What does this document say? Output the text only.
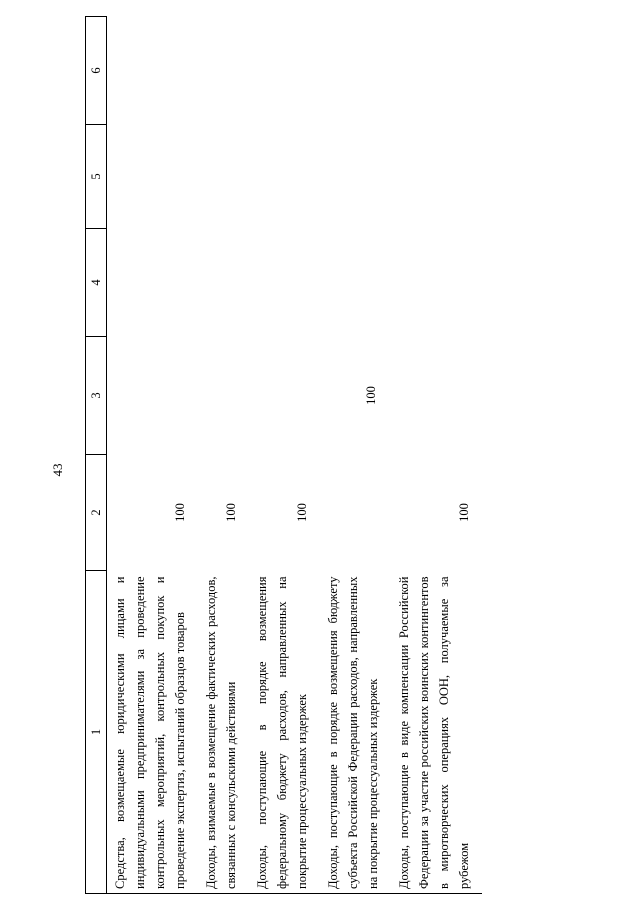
43
1	2	3	4	5	6
Средства, возмещаемые юридическими лицами и индивидуальными предпринимателями за проведение контрольных мероприятий, контрольных покупок и проведение экспертиз, испытаний образцов товаров	100				
Доходы, взимаемые в возмещение фактических расходов, связанных с консульскими действиями	100				
Доходы, поступающие в порядке возмещения федеральному бюджету расходов, направленных на покрытие процессуальных издержек	100				
Доходы, поступающие в порядке возмещения бюджету субъекта Российской Федерации расходов, направленных на покрытие процессуальных издержек		100			
Доходы, поступающие в виде компенсации Российской Федерации за участие российских воинских контингентов в миротворческих операциях ООН, получаемые за рубежом	100				
